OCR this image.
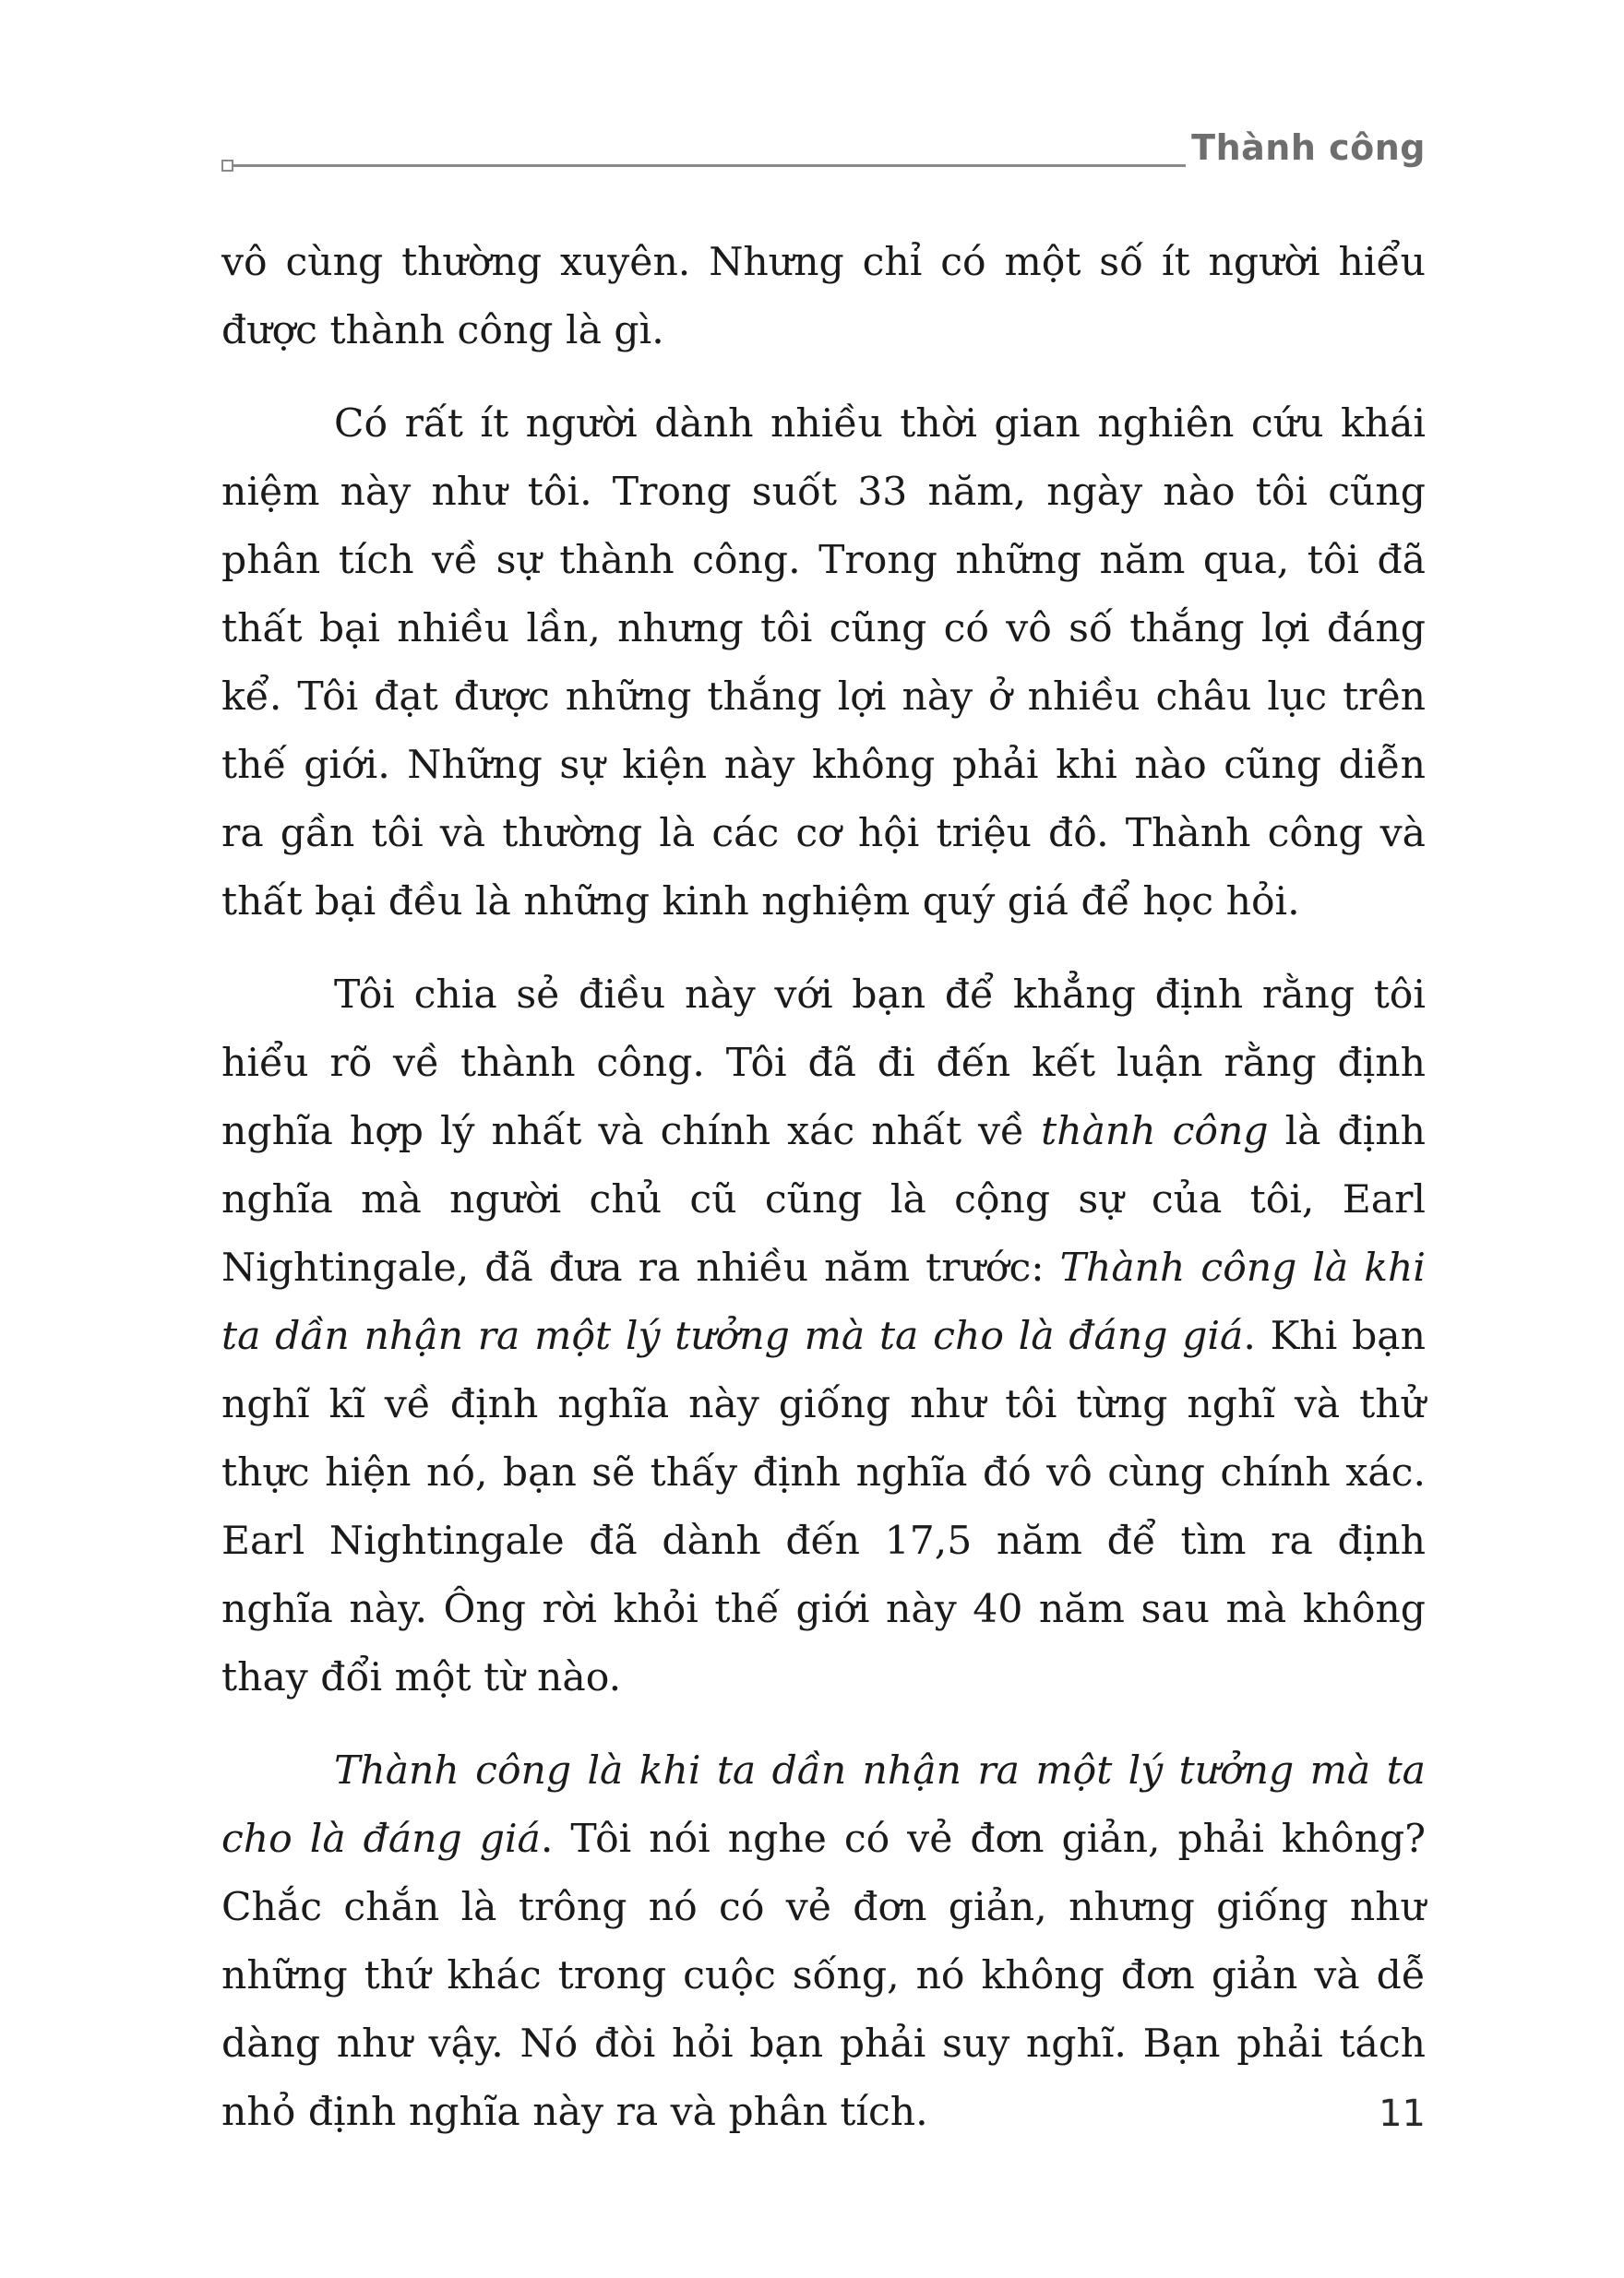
Thành công

vô cùng thường xuyên. Nhưng chỉ có một số ít người hiểu được thành công là gì.

Có rất ít người dành nhiều thời gian nghiên cứu khái niệm này như tôi. Trong suốt 33 năm, ngày nào tôi cũng phân tích về sự thành công. Trong những năm qua, tôi đã thất bại nhiều lần, nhưng tôi cũng có vô số thắng lợi đáng kể. Tôi đạt được những thắng lợi này ở nhiều châu lục trên thế giới. Những sự kiện này không phải khi nào cũng diễn ra gần tôi và thường là các cơ hội triệu đô. Thành công và thất bại đều là những kinh nghiệm quý giá để học hỏi.

Tôi chia sẻ điều này với bạn để khẳng định rằng tôi hiểu rõ về thành công. Tôi đã đi đến kết luận rằng định nghĩa hợp lý nhất và chính xác nhất về thành công là định nghĩa mà người chủ cũ cũng là cộng sự của tôi, Earl Nightingale, đã đưa ra nhiều năm trước: Thành công là khi ta dần nhận ra một lý tưởng mà ta cho là đáng giá. Khi bạn nghĩ kĩ về định nghĩa này giống như tôi từng nghĩ và thử thực hiện nó, bạn sẽ thấy định nghĩa đó vô cùng chính xác. Earl Nightingale đã dành đến 17,5 năm để tìm ra định nghĩa này. Ông rời khỏi thế giới này 40 năm sau mà không thay đổi một từ nào.

Thành công là khi ta dần nhận ra một lý tưởng mà ta cho là đáng giá. Tôi nói nghe có vẻ đơn giản, phải không? Chắc chắn là trông nó có vẻ đơn giản, nhưng giống như những thứ khác trong cuộc sống, nó không đơn giản và dễ dàng như vậy. Nó đòi hỏi bạn phải suy nghĩ. Bạn phải tách nhỏ định nghĩa này ra và phân tích.	11
